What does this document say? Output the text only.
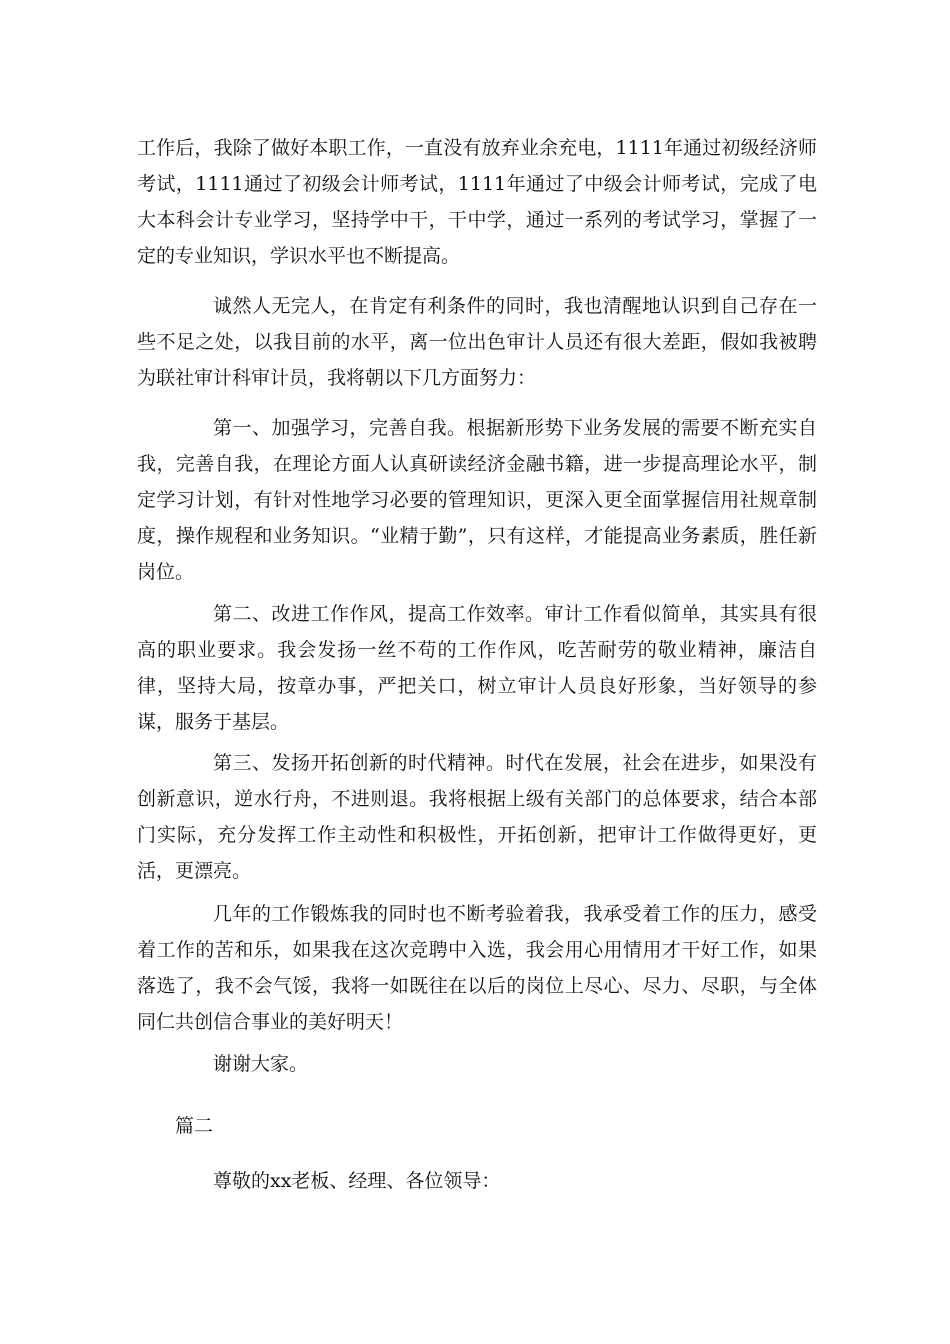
工作后，我除了做好本职工作，一直没有放弃业余充电，1111年通过初级经济师考试，1111通过了初级会计师考试，1111年通过了中级会计师考试，完成了电大本科会计专业学习，坚持学中干，干中学，通过一系列的考试学习，掌握了一定的专业知识，学识水平也不断提高。

诚然人无完人，在肯定有利条件的同时，我也清醒地认识到自己存在一些不足之处，以我目前的水平，离一位出色审计人员还有很大差距，假如我被聘为联社审计科审计员，我将朝以下几方面努力：

第一、加强学习，完善自我。根据新形势下业务发展的需要不断充实自我，完善自我，在理论方面人认真研读经济金融书籍，进一步提高理论水平，制定学习计划，有针对性地学习必要的管理知识，更深入更全面掌握信用社规章制度，操作规程和业务知识。“业精于勤”，只有这样，才能提高业务素质，胜任新岗位。

第二、改进工作作风，提高工作效率。审计工作看似简单，其实具有很高的职业要求。我会发扬一丝不苟的工作作风，吃苦耐劳的敬业精神，廉洁自律，坚持大局，按章办事，严把关口，树立审计人员良好形象，当好领导的参谋，服务于基层。

第三、发扬开拓创新的时代精神。时代在发展，社会在进步，如果没有创新意识，逆水行舟，不进则退。我将根据上级有关部门的总体要求，结合本部门实际，充分发挥工作主动性和积极性，开拓创新，把审计工作做得更好，更活，更漂亮。

几年的工作锻炼我的同时也不断考验着我，我承受着工作的压力，感受着工作的苦和乐，如果我在这次竞聘中入选，我会用心用情用才干好工作，如果落选了，我不会气馁，我将一如既往在以后的岗位上尽心、尽力、尽职，与全体同仁共创信合事业的美好明天！

谢谢大家。

篇二

尊敬的xx老板、经理、各位领导：
